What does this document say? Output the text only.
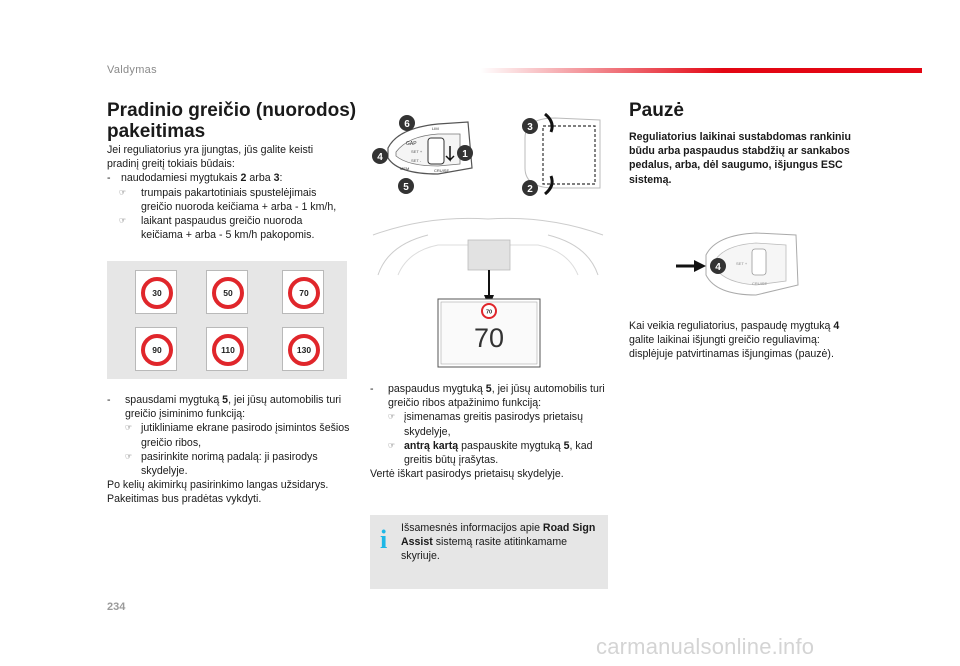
Valdymas
Pradinio greičio (nuorodos) pakeitimas
Jei reguliatorius yra įjungtas, jūs galite keisti pradinį greitį tokiais būdais:
- naudodamiesi mygtukais 2 arba 3:
☞	trumpais pakartotiniais spustelėjimais greičio nuoroda keičiama + arba - 1 km/h,
☞	laikant paspaudus greičio nuoroda keičiama + arba - 5 km/h pakopomis.
30	50	70
90	110	130
- spausdami mygtuką 5, jei jūsų automobilis turi greičio įsiminimo funkciją:
☞ jutikliniame ekrane pasirodo įsimintos šešios greičio ribos,
☞ pasirinkite norimą padalą: ji pasirodys skydelyje.
Po kelių akimirkų pasirinkimo langas užsidarys. Pakeitimas bus pradėtas vykdyti.
GAP
SET +
SET -
MEM
LIM
CRUISE
6
4
5
1
3
2
70
70
- paspaudus mygtuką 5, jei jūsų automobilis turi greičio ribos atpažinimo funkciją:
☞ įsimenamas greitis pasirodys prietaisų skydelyje,
☞ antrą kartą paspauskite mygtuką 5, kad greitis būtų įrašytas.
Vertė iškart pasirodys prietaisų skydelyje.
i Išsamesnės informacijos apie Road Sign Assist sistemą rasite atitinkamame skyriuje.
Pauzė
Reguliatorius laikinai sustabdomas rankiniu būdu arba paspaudus stabdžių ar sankabos pedalus, arba, dėl saugumo, išjungus ESC sistemą.
SET +
CRUISE
4
Kai veikia reguliatorius, paspaudę mygtuką 4 galite laikinai išjungti greičio reguliavimą: displėjuje patvirtinamas išjungimas (pauzė).
234
carmanualsonline.info
